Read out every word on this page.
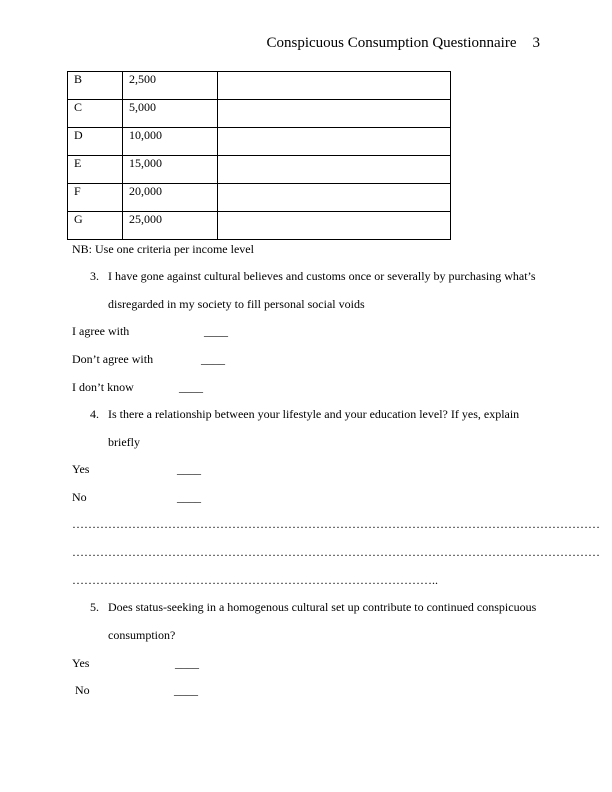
Conspicuous Consumption Questionnaire 3
B	2,500	
C	5,000	
D	10,000	
E	15,000	
F	20,000	
G	25,000	
NB: Use one criteria per income level
3. I have gone against cultural believes and customs once or severally by purchasing what’s
disregarded in my society to fill personal social voids
I agree with	____
Don’t agree with	____
I don’t know	____
4. Is there a relationship between your lifestyle and your education level? If yes, explain
briefly
Yes	____
No	____
……………………………………………………………………………………………………………………
……………………………………………………………………………………………………………………
………………………………………………………………………………..
5. Does status-seeking in a homogenous cultural set up contribute to continued conspicuous
consumption?
Yes	____
No	____
